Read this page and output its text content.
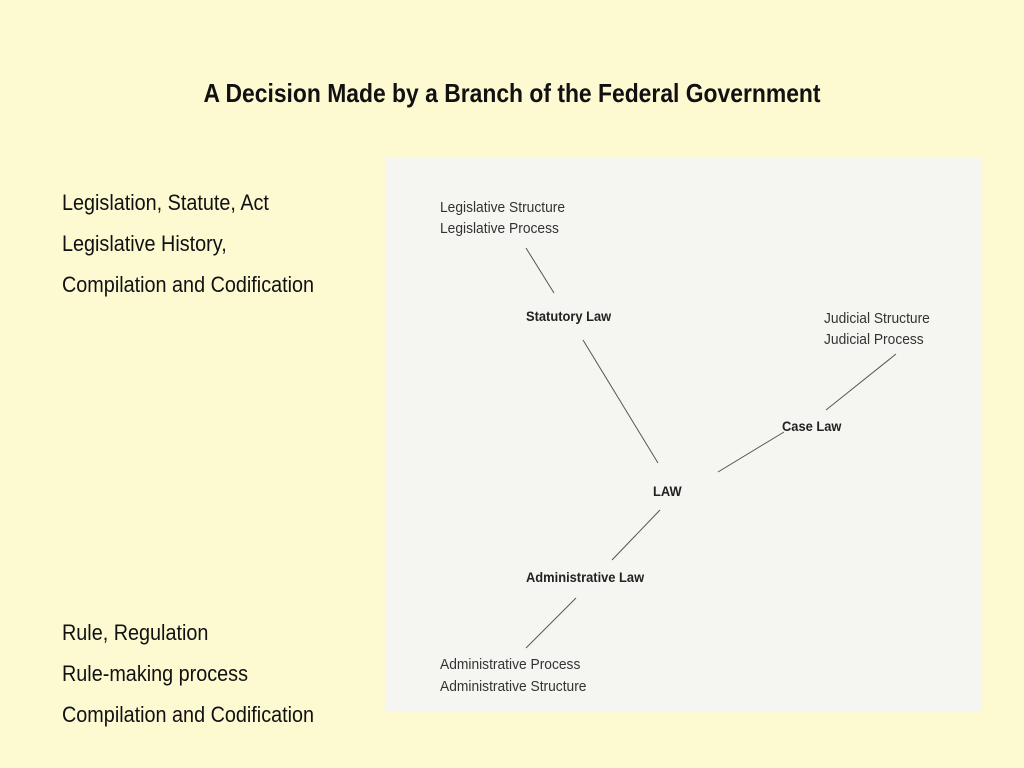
A Decision Made by a Branch of the Federal Government
Legislation, Statute, Act
Legislative History,
Compilation and Codification
Rule, Regulation
Rule-making process
Compilation and Codification
Legislative Structure
Legislative Process
Statutory Law	Judicial Structure
Judicial Process
Case Law
LAW
Administrative Law
Administrative Process
Administrative Structure
